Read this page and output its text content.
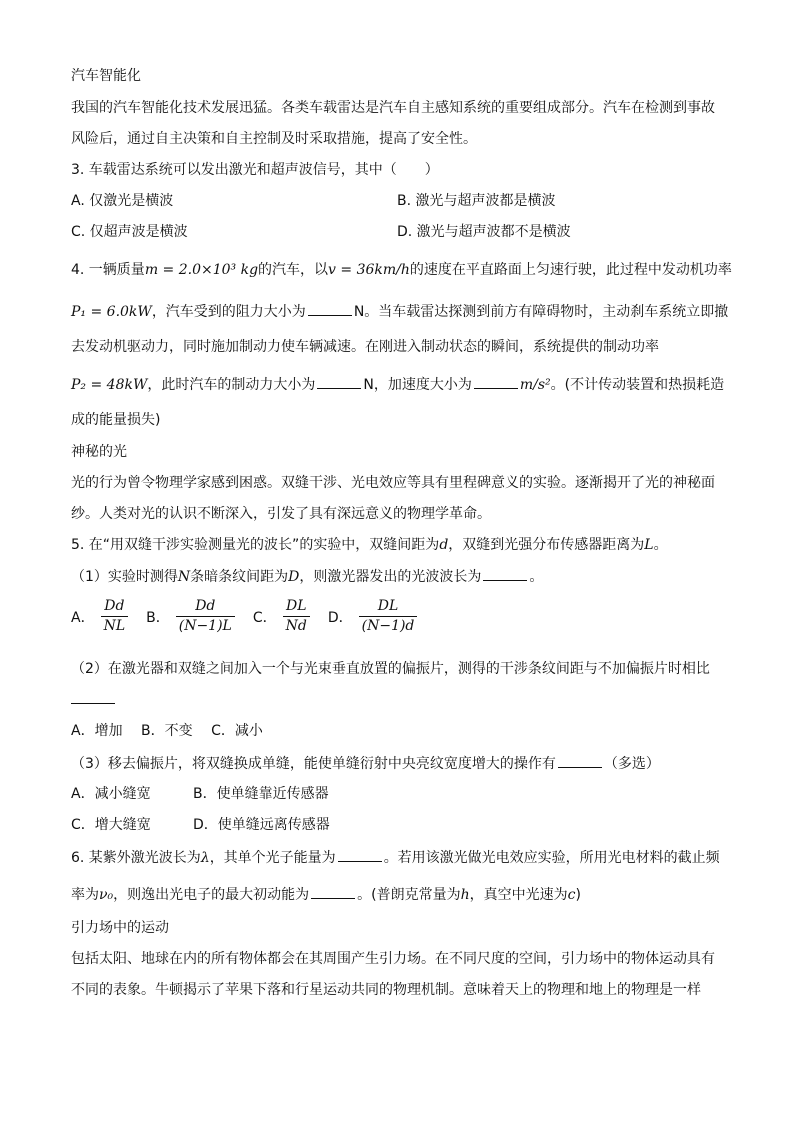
汽车智能化
我国的汽车智能化技术发展迅猛。各类车载雷达是汽车自主感知系统的重要组成部分。汽车在检测到事故
风险后，通过自主决策和自主控制及时采取措施，提高了安全性。
3. 车载雷达系统可以发出激光和超声波信号，其中（　　）
A. 仅激光是横波	B. 激光与超声波都是横波
C. 仅超声波是横波	D. 激光与超声波都不是横波
4. 一辆质量m = 2.0×10³ kg的汽车，以v = 36km/h的速度在平直路面上匀速行驶，此过程中发动机功率
P₁ = 6.0kW，汽车受到的阻力大小为	N。当车载雷达探测到前方有障碍物时，主动刹车系统立即撤
去发动机驱动力，同时施加制动力使车辆减速。在刚进入制动状态的瞬间，系统提供的制动功率
P₂ = 48kW，此时汽车的制动力大小为	N，加速度大小为	m/s²。(不计传动装置和热损耗造
成的能量损失)
神秘的光
光的行为曾令物理学家感到困惑。双缝干涉、光电效应等具有里程碑意义的实验。逐渐揭开了光的神秘面
纱。人类对光的认识不断深入，引发了具有深远意义的物理学革命。
5. 在“用双缝干涉实验测量光的波长”的实验中，双缝间距为d，双缝到光强分布传感器距离为L。
（1）实验时测得N条暗条纹间距为D，则激光器发出的光波波长为	。
A． $\frac{Dd}{NL}$ B． $\frac{Dd}{(N-1)L}$ C． $\frac{DL}{Nd}$ D． $\frac{DL}{(N-1)d}$
（2）在激光器和双缝之间加入一个与光束垂直放置的偏振片，测得的干涉条纹间距与不加偏振片时相比
A．增加　 B．不变　 C．减小
（3）移去偏振片，将双缝换成单缝，能使单缝衍射中央亮纹宽度增大的操作有	（多选）
A．减小缝宽	B．使单缝靠近传感器
C．增大缝宽	D．使单缝远离传感器
6. 某紫外激光波长为λ，其单个光子能量为	。若用该激光做光电效应实验，所用光电材料的截止频
率为ν₀，则逸出光电子的最大初动能为	。(普朗克常量为h，真空中光速为c)
引力场中的运动
包括太阳、地球在内的所有物体都会在其周围产生引力场。在不同尺度的空间，引力场中的物体运动具有
不同的表象。牛顿揭示了苹果下落和行星运动共同的物理机制。意味着天上的物理和地上的物理是一样
